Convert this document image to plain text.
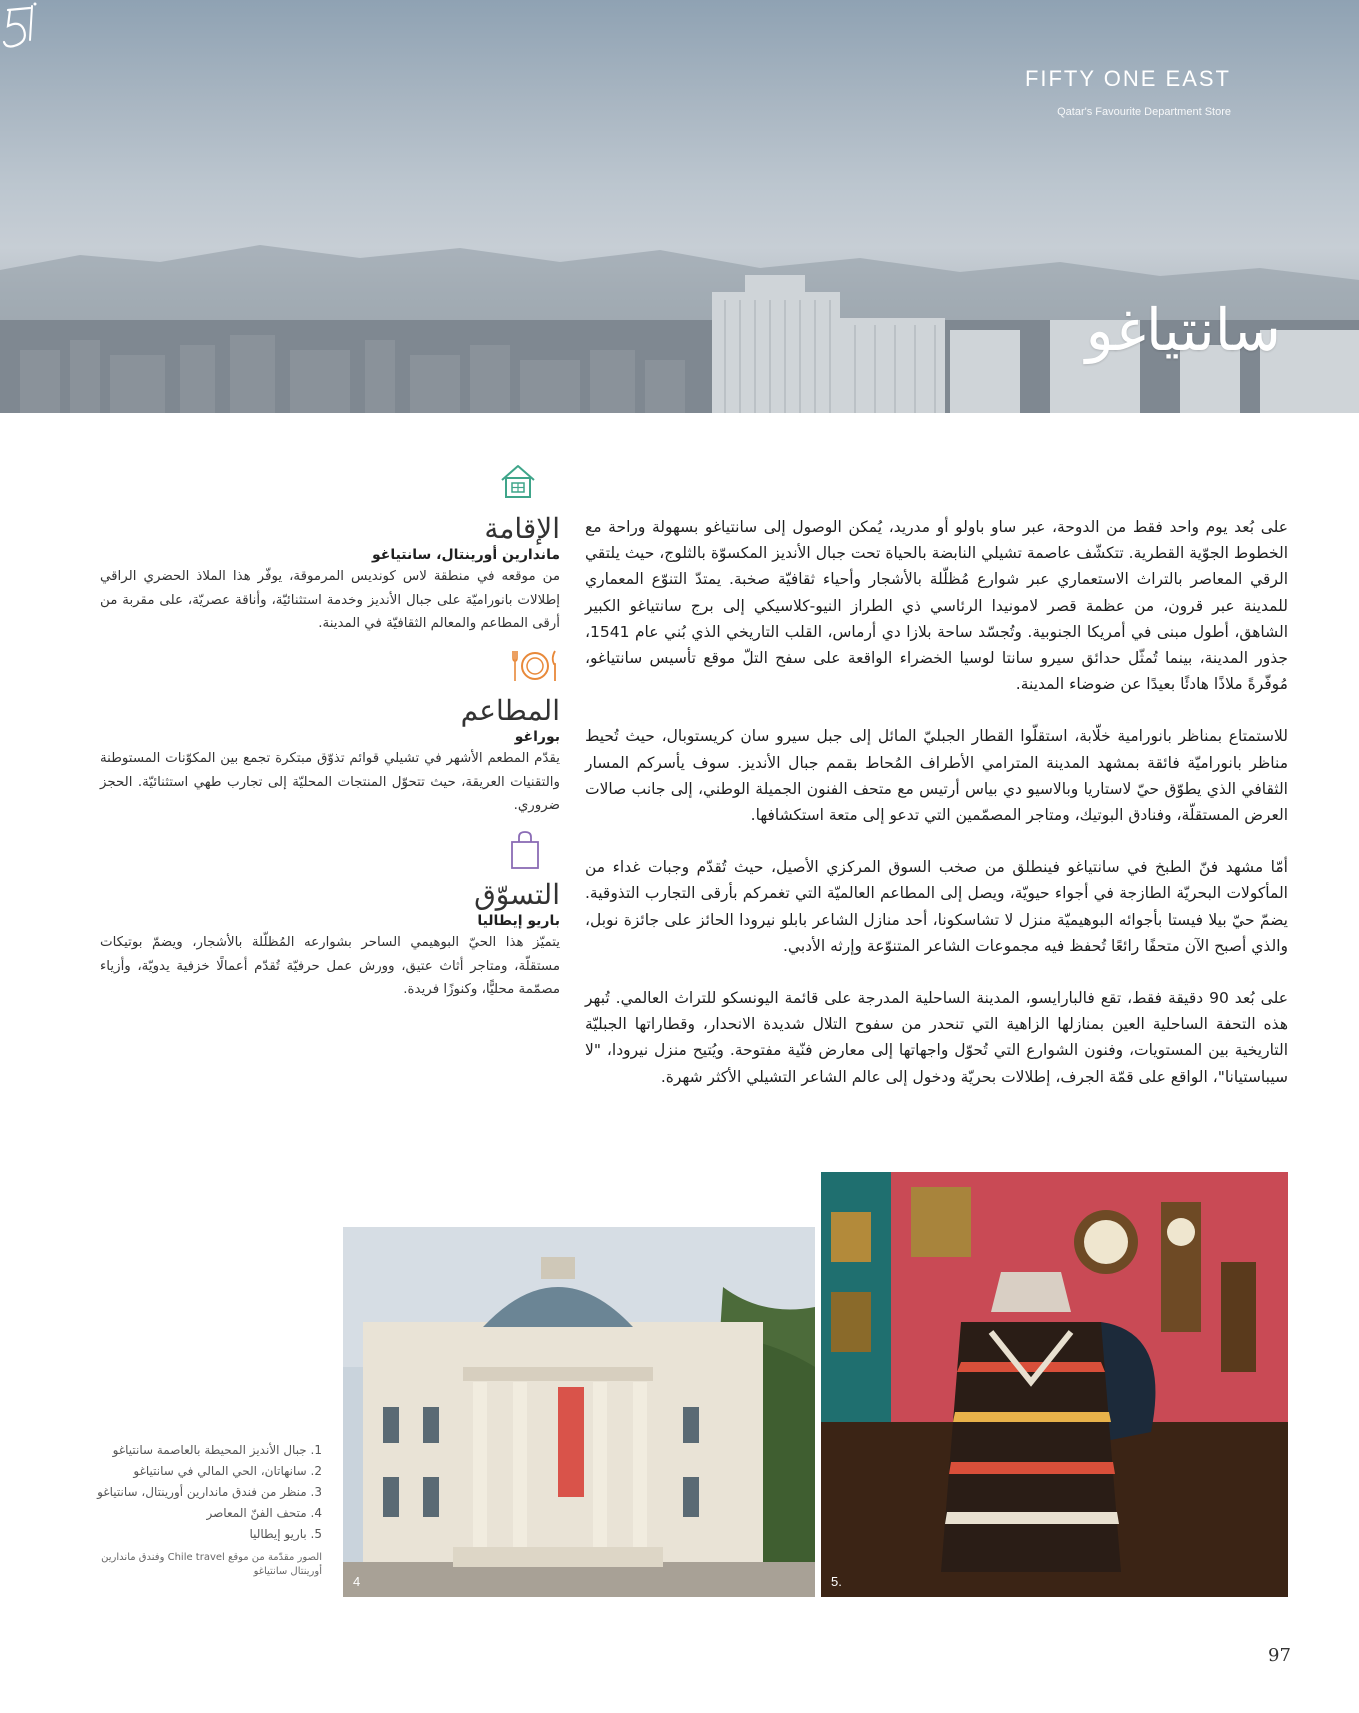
FIFTY ONE EAST
Qatar's Favourite Department Store
سانتياغو

على بُعد يوم واحد فقط من الدوحة، عبر ساو باولو أو مدريد، يُمكن الوصول إلى سانتياغو بسهولة وراحة مع الخطوط الجوّية القطرية. تتكشّف عاصمة تشيلي النابضة بالحياة تحت جبال الأنديز المكسوّة بالثلوج، حيث يلتقي الرقي المعاصر بالتراث الاستعماري عبر شوارع مُظلّلة بالأشجار وأحياء ثقافيّة صخبة. يمتدّ التنوّع المعماري للمدينة عبر قرون، من عظمة قصر لامونيدا الرئاسي ذي الطراز النيو-كلاسيكي إلى برج سانتياغو الكبير الشاهق، أطول مبنى في أمريكا الجنوبية. وتُجسّد ساحة بلازا دي أرماس، القلب التاريخي الذي بُني عام 1541، جذور المدينة، بينما تُمثّل حدائق سيرو سانتا لوسيا الخضراء الواقعة على سفح التلّ موقع تأسيس سانتياغو، مُوفّرةً ملاذًا هادئًا بعيدًا عن ضوضاء المدينة.

للاستمتاع بمناظر بانورامية خلّابة، استقلّوا القطار الجبليّ المائل إلى جبل سيرو سان كريستوبال، حيث تُحيط مناظر بانوراميّة فائقة بمشهد المدينة المترامي الأطراف المُحاط بقمم جبال الأنديز. سوف يأسركم المسار الثقافي الذي يطوّق حيّ لاستاريا وبالاسيو دي بياس أرتيس مع متحف الفنون الجميلة الوطني، إلى جانب صالات العرض المستقلّة، وفنادق البوتيك، ومتاجر المصمّمين التي تدعو إلى متعة استكشافها.

أمّا مشهد فنّ الطبخ في سانتياغو فينطلق من صخب السوق المركزي الأصيل، حيث تُقدّم وجبات غداء من المأكولات البحريّة الطازجة في أجواء حيويّة، ويصل إلى المطاعم العالميّة التي تغمركم بأرقى التجارب التذوقية. يضمّ حيّ بيلا فيستا بأجوائه البوهيميّة منزل لا تشاسكونا، أحد منازل الشاعر بابلو نيرودا الحائز على جائزة نوبل، والذي أصبح الآن متحفًا رائعًا تُحفظ فيه مجموعات الشاعر المتنوّعة وإرثه الأدبي.

على بُعد 90 دقيقة فقط، تقع فالبارايسو، المدينة الساحلية المدرجة على قائمة اليونسكو للتراث العالمي. تُبهر هذه التحفة الساحلية العين بمنازلها الزاهية التي تنحدر من سفوح التلال شديدة الانحدار، وقطاراتها الجبليّة التاريخية بين المستويات، وفنون الشوارع التي تُحوّل واجهاتها إلى معارض فنّية مفتوحة. ويُتيح منزل نيرودا، "لا سيباستيانا"، الواقع على قمّة الجرف، إطلالات بحريّة ودخول إلى عالم الشاعر التشيلي الأكثر شهرة.

الإقامة
ماندارين أورينتال، سانتياغو

من موقعه في منطقة لاس كونديس المرموقة، يوفّر هذا الملاذ الحضري الراقي إطلالات بانوراميّة على جبال الأنديز وخدمة استثنائيّة، وأناقة عصريّة، على مقربة من أرقى المطاعم والمعالم الثقافيّة في المدينة.

المطاعم
بوراغو

يقدّم المطعم الأشهر في تشيلي قوائم تذوّق مبتكرة تجمع بين المكوّنات المستوطنة والتقنيات العريقة، حيث تتحوّل المنتجات المحليّة إلى تجارب طهي استثنائيّة. الحجز ضروري.

التسوّق
باريو إيطاليا

يتميّز هذا الحيّ البوهيمي الساحر بشوارعه المُظلّلة بالأشجار، ويضمّ بوتيكات مستقلّة، ومتاجر أثاث عتيق، وورش عمل حرفيّة تُقدّم أعمالًا خزفية يدويّة، وأزياء مصمّمة محليًّا، وكنوزًا فريدة.

4	5.

1. جبال الأنديز المحيطة بالعاصمة سانتياغو

2. سانهاتان، الحي المالي في سانتياغو

3. منظر من فندق ماندارين أورينتال، سانتياغو

4. متحف الفنّ المعاصر

5. باريو إيطاليا

الصور مقدّمة من موقع Chile travel وفندق ماندارين أورينتال سانتياغو

97
